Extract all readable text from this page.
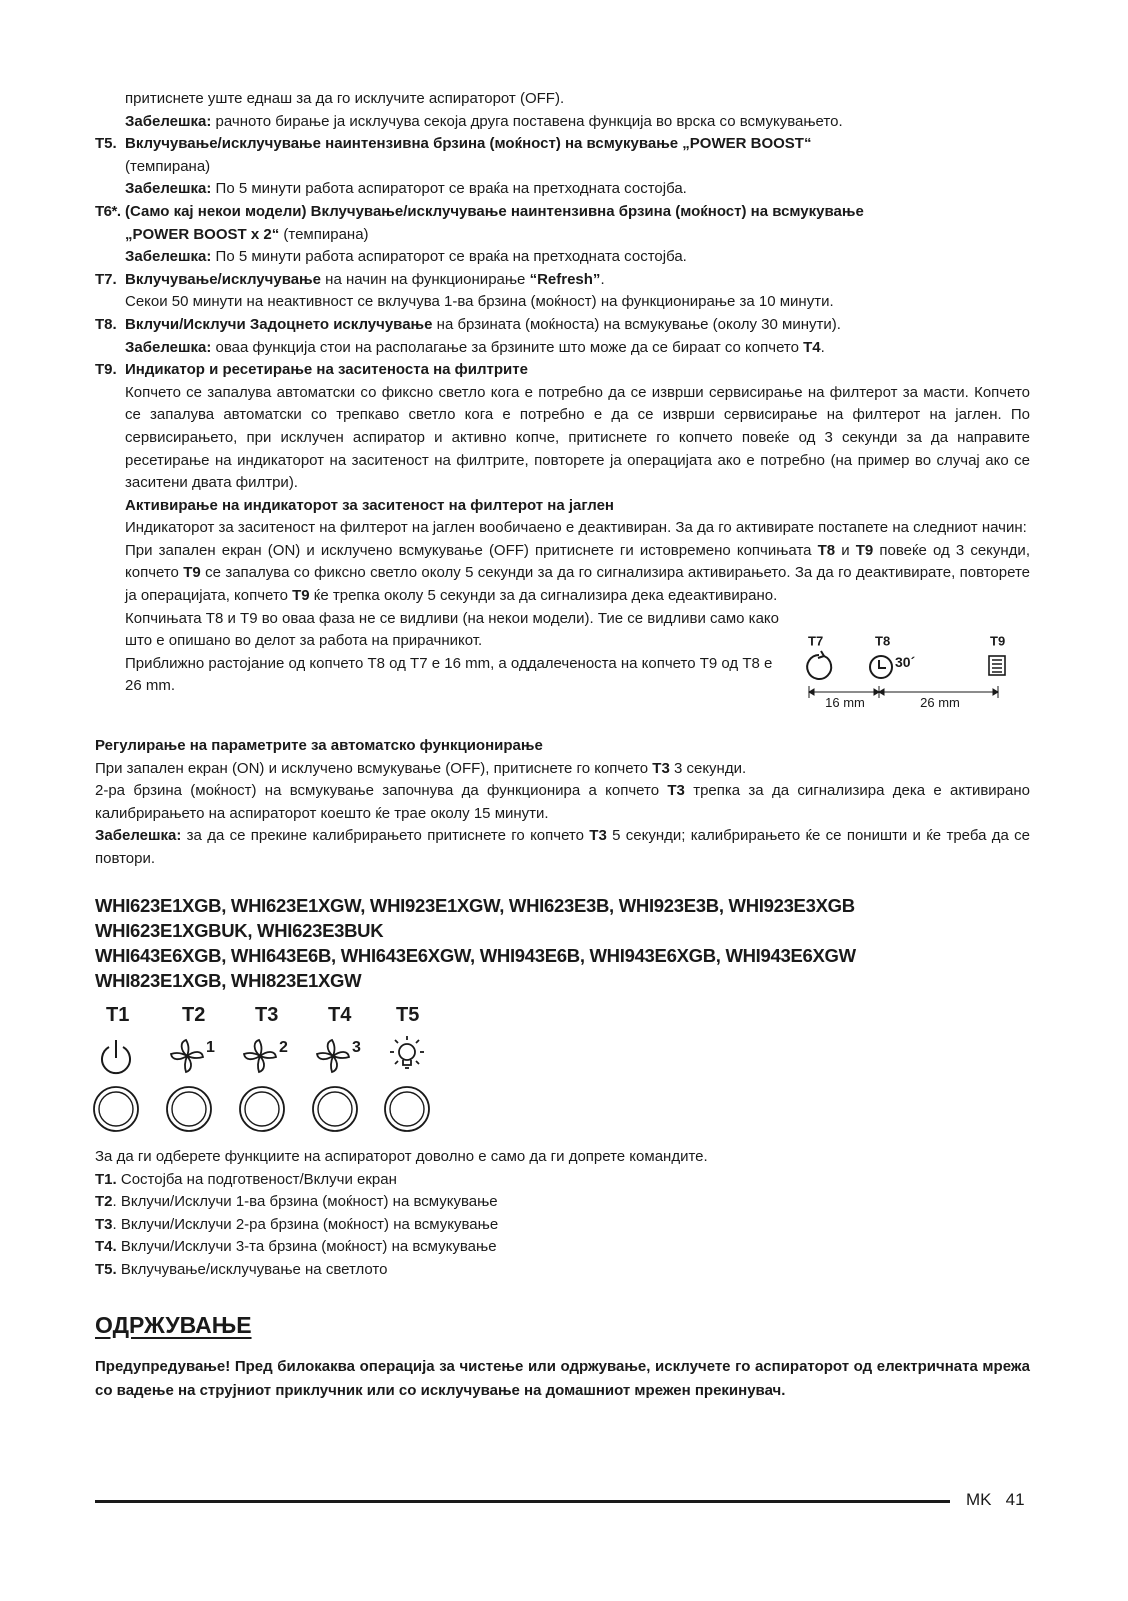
притиснете уште еднаш за да го исклучите аспираторот (OFF).

Забелешка: рачното бирање ја исклучува секоја друга поставена функција во врска со всмукувањето.

T5. Вклучување/исклучување наинтензивна брзина (моќност) на всмукување „POWER BOOST“

(темпирана)

Забелешка: По 5 минути работа аспираторот се враќа на претходната состојба.

T6*. (Само кај некои модели) Вклучување/исклучување наинтензивна брзина (моќност) на всмукување

„POWER BOOST x 2“ (темпирана)

Забелешка: По 5 минути работа аспираторот се враќа на претходната состојба.

T7. Вклучување/исклучување на начин на функционирање “Refresh”.

Секои 50 минути на неактивност се вклучува 1-ва брзина (моќност) на функционирање за 10 минути.

T8. Вклучи/Исклучи Задоцнето исклучување на брзината (моќноста) на всмукување (околу 30 минути).

Забелешка: оваа функција стои на располагање за брзините што може да се бираат со копчето T4.

T9. Индикатор и ресетирање на заситеноста на филтрите

Копчето се запалува автоматски со фиксно светло кога е потребно да се изврши сервисирање на филтерот за масти. Копчето се запалува автоматски со трепкаво светло кога е потребно е да се изврши сервисирање на филтерот на јаглен. По сервисирањето, при исклучен аспиратор и активно копче, притиснете го копчето повеќе од 3 секунди за да направите ресетирање на индикаторот на заситеност на филтрите, повторете ја операцијата ако е потребно (на пример во случај ако се заситени двата филтри).

Активирање на индикаторот за заситеност на филтерот на јаглен

Индикаторот за заситеност на филтерот на јаглен вообичаено е деактивиран. За да го активирате постапете на следниот начин:

При запален екран (ON) и исклучено всмукување (OFF) притиснете ги истовремено копчињата T8 и T9 повеќе од 3 секунди, копчето T9 се запалува со фиксно светло околу 5 секунди за да го сигнализира активирањето. За да го деактивирате, повторете ја операцијата, копчето T9 ќе трепка околу 5 секунди за да сигнализира дека едеактивирано.

Копчињата T8 и T9 во оваа фаза не се видливи (на некои модели). Тие се видливи само како што е опишано во делот за работа на прирачникот.

Приближно растојание од копчето T8 од T7 е 16 mm, а оддалеченоста на копчето T9 од T8 е 26 mm.

T7	T8	T9
30´
16 mm	26 mm

Регулирање на параметрите за автоматско функционирање

При запален екран (ON) и исклучено всмукување (OFF), притиснете го копчето T3 3 секунди.

2-ра брзина (моќност) на всмукување започнува да функционира а копчето T3 трепка за да сигнализира дека е активирано калибрирањето на аспираторот коешто ќе трае околу 15 минути.

Забелешка: за да се прекине калибрирањето притиснете го копчето T3 5 секунди; калибрирањето ќе се поништи и ќе треба да се повтори.

WHI623E1XGB, WHI623E1XGW, WHI923E1XGW, WHI623E3B, WHI923E3B, WHI923E3XGB
WHI623E1XGBUK, WHI623E3BUK
WHI643E6XGB, WHI643E6B, WHI643E6XGW, WHI943E6B, WHI943E6XGB, WHI943E6XGW
WHI823E1XGB, WHI823E1XGW
T1	T2 T3 T4 T5
1	2	3

За да ги одберете функциите на аспираторот доволно е само да ги допрете командите.

T1. Состојба на подготвеност/Вклучи екран

T2. Вклучи/Исклучи 1-ва брзина (моќност) на всмукување

T3. Вклучи/Исклучи 2-ра брзина (моќност) на всмукување

T4. Вклучи/Исклучи 3-та брзина (моќност) на всмукување

T5. Вклучување/исклучување на светлото

ОДРЖУВАЊЕ
Предупредување! Пред билокаква операција за чистење или одржување, исклучете го аспираторот од електричната мрежа со вадење на струјниот приклучник или со исклучување на домашниот мрежен прекинувач.
MK 41
